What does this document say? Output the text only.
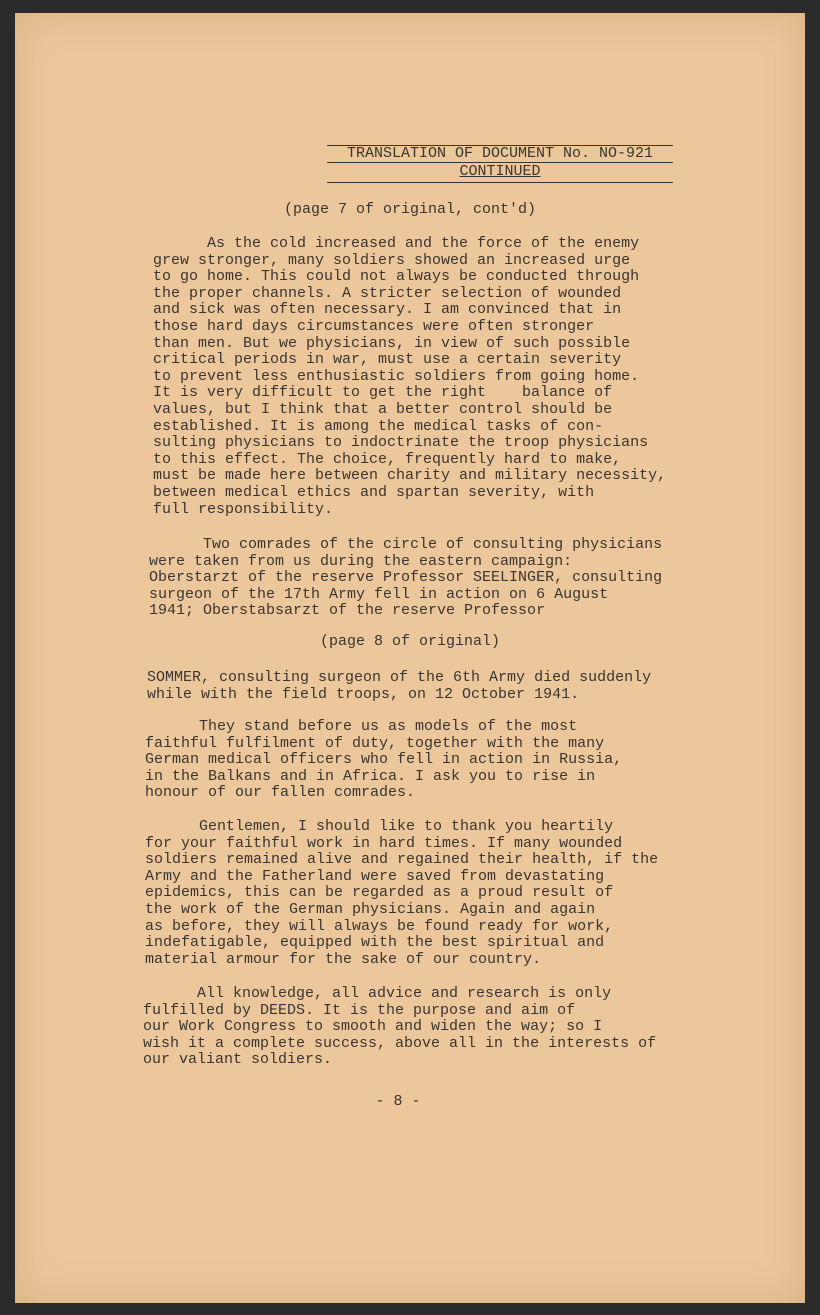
TRANSLATION OF DOCUMENT No. NO-921
CONTINUED
(page 7 of original, cont'd)
As the cold increased and the force of the enemy
grew stronger, many soldiers showed an increased urge
to go home. This could not always be conducted through
the proper channels. A stricter selection of wounded
and sick was often necessary. I am convinced that in
those hard days circumstances were often stronger
than men. But we physicians, in view of such possible
critical periods in war, must use a certain severity
to prevent less enthusiastic soldiers from going home.
It is very difficult to get the right    balance of
values, but I think that a better control should be
established. It is among the medical tasks of con-
sulting physicians to indoctrinate the troop physicians
to this effect. The choice, frequently hard to make,
must be made here between charity and military necessity,
between medical ethics and spartan severity, with
full responsibility.
Two comrades of the circle of consulting physicians
were taken from us during the eastern campaign:
Oberstarzt of the reserve Professor SEELINGER, consulting
surgeon of the 17th Army fell in action on 6 August
1941; Oberstabsarzt of the reserve Professor
(page 8 of original)
SOMMER, consulting surgeon of the 6th Army died suddenly
while with the field troops, on 12 October 1941.
They stand before us as models of the most
faithful fulfilment of duty, together with the many
German medical officers who fell in action in Russia,
in the Balkans and in Africa. I ask you to rise in
honour of our fallen comrades.
Gentlemen, I should like to thank you heartily
for your faithful work in hard times. If many wounded
soldiers remained alive and regained their health, if the
Army and the Fatherland were saved from devastating
epidemics, this can be regarded as a proud result of
the work of the German physicians. Again and again
as before, they will always be found ready for work,
indefatigable, equipped with the best spiritual and
material armour for the sake of our country.
All knowledge, all advice and research is only
fulfilled by DEEDS. It is the purpose and aim of
our Work Congress to smooth and widen the way; so I
wish it a complete success, above all in the interests of
our valiant soldiers.
- 8 -
